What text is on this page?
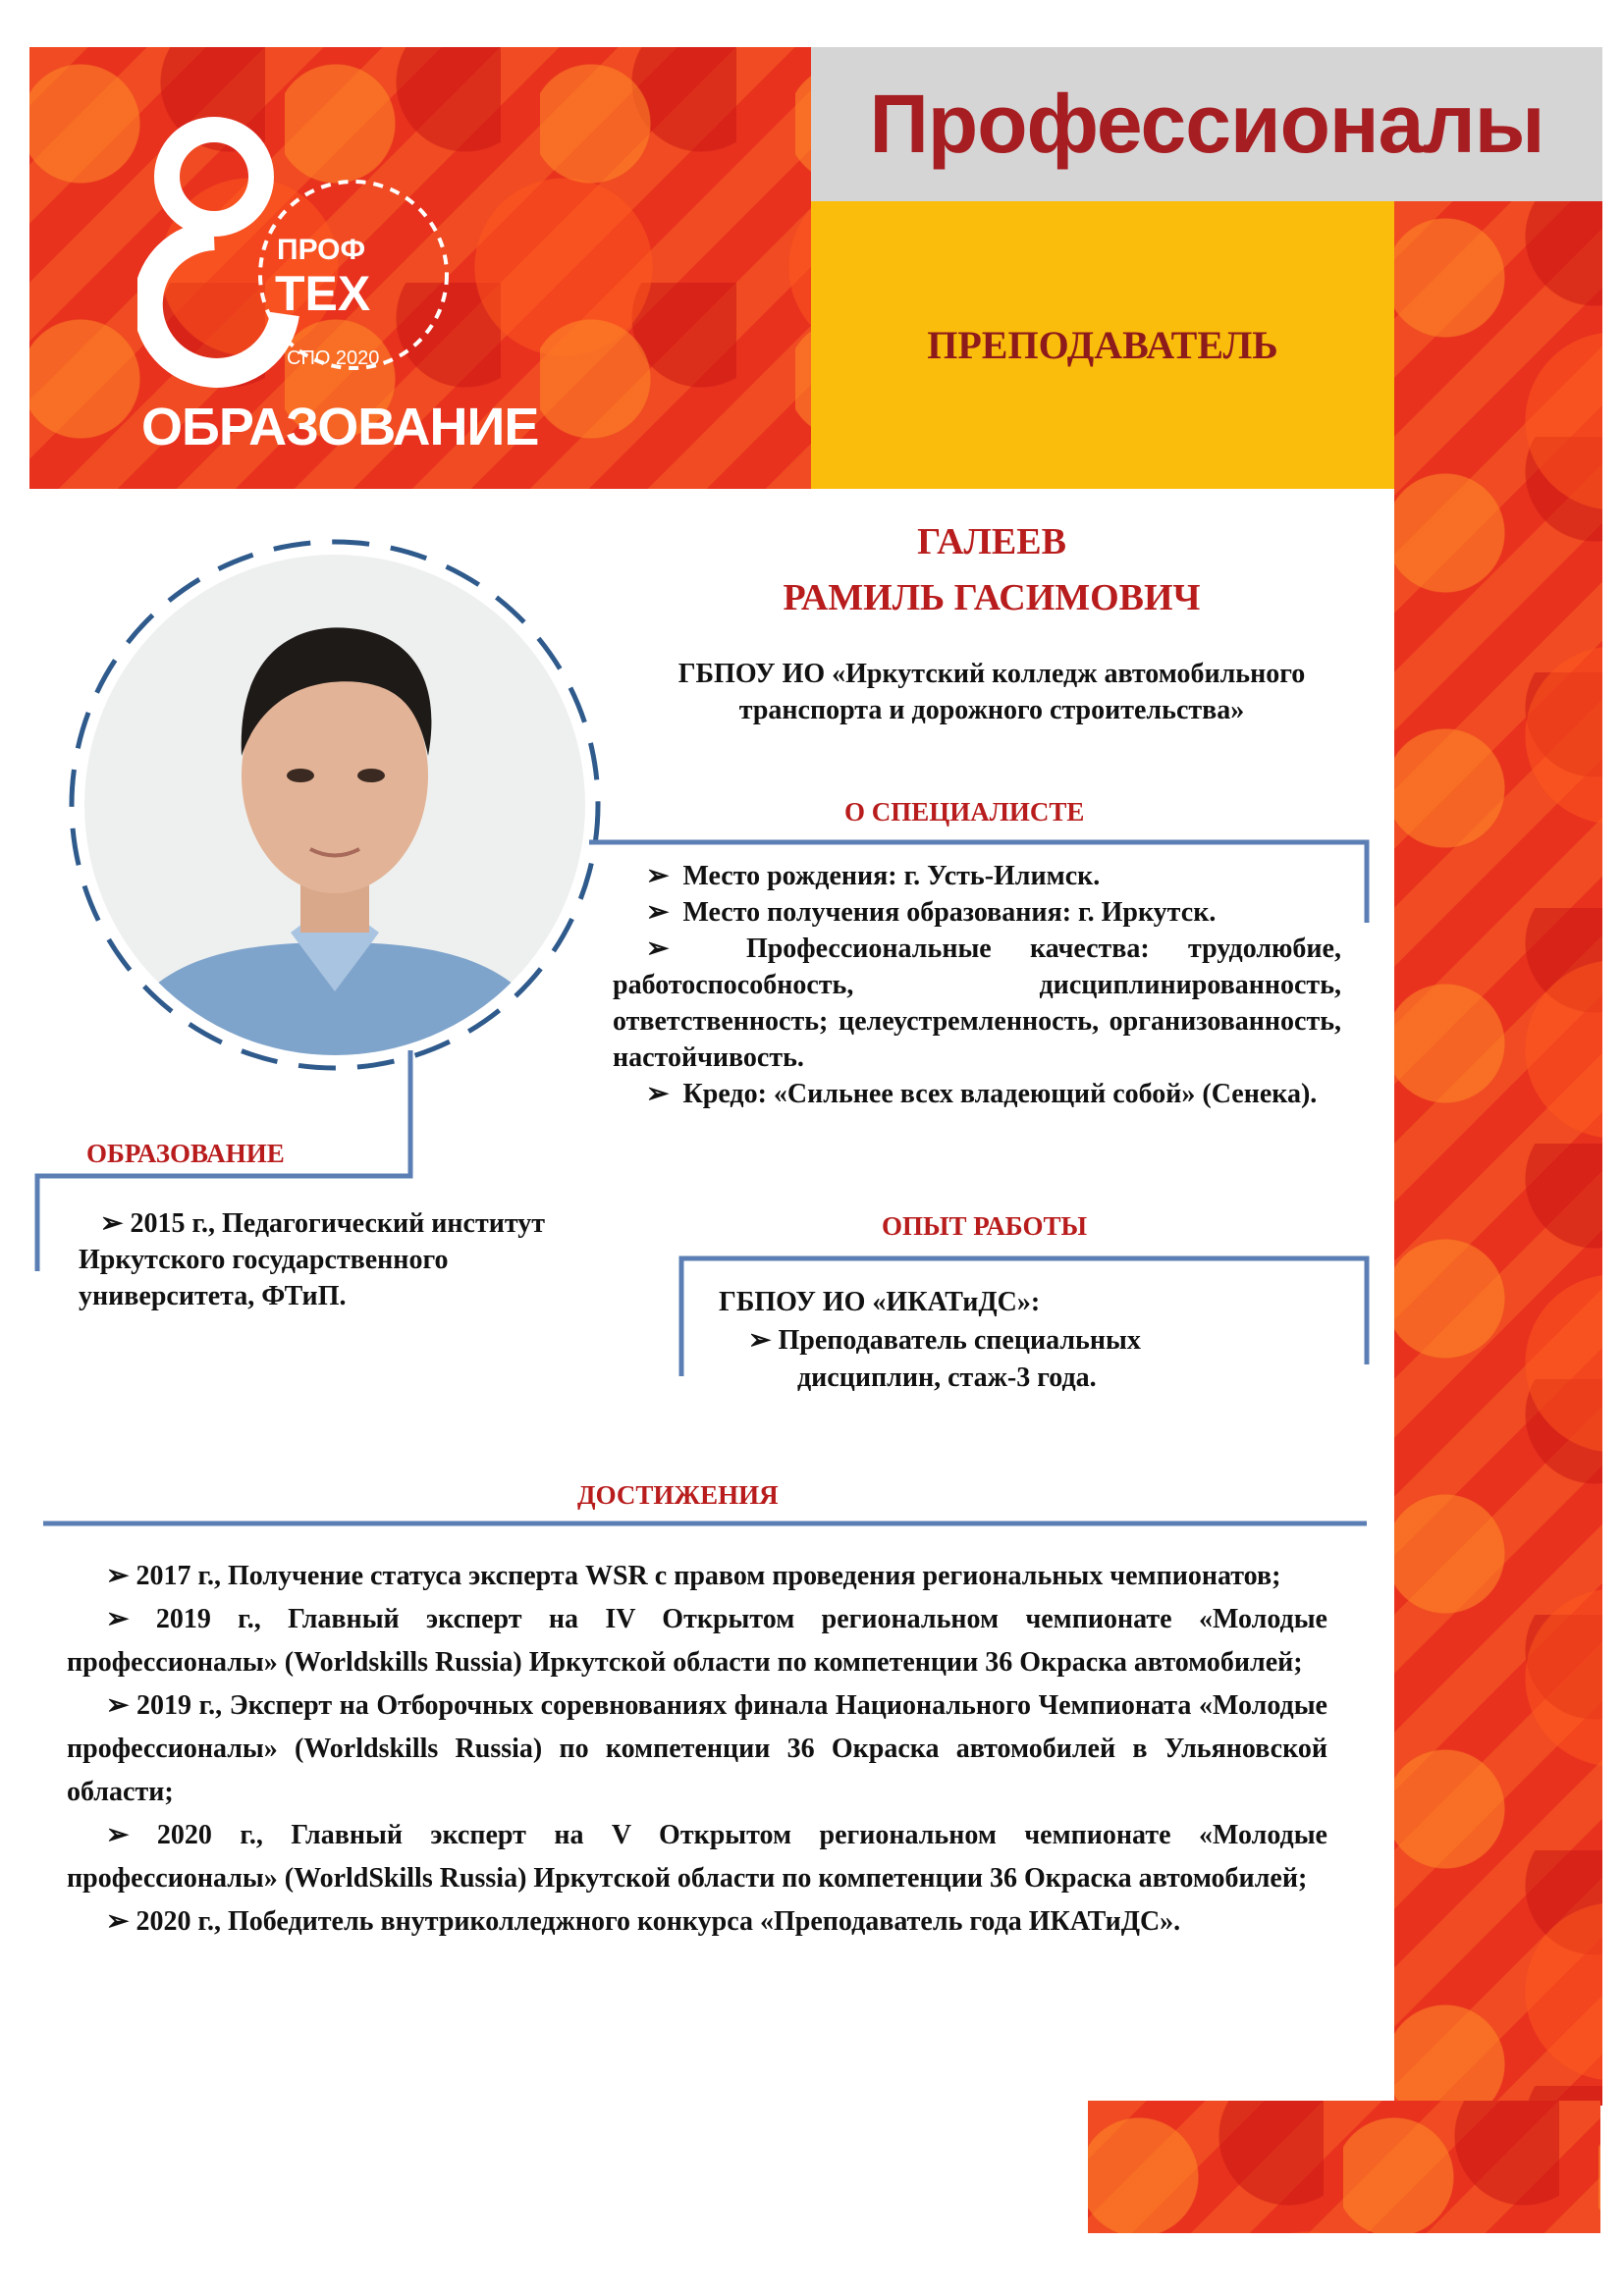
Профессионалы
ПРЕПОДАВАТЕЛЬ
ПРОФ
ТЕХ
СПО 2020
ОБРАЗОВАНИЕ
ГАЛЕЕВ
РАМИЛЬ ГАСИМОВИЧ
ГБПОУ ИО «Иркутский колледж автомобильного транспорта и дорожного строительства»
О СПЕЦИАЛИСТЕ

➢  Место рождения: г. Усть-Илимск.

➢  Место получения образования: г. Иркутск.

➢  Профессиональные качества: трудолюбие, работоспособность, дисциплинированность, ответственность; целеустремленность, организованность, настойчивость.

➢  Кредо: «Сильнее всех владеющий собой» (Сенека).

ОБРАЗОВАНИЕ
➢ 2015 г., Педагогический институт Иркутского государственного университета, ФТиП.
ОПЫТ РАБОТЫ
ГБПОУ ИО «ИКАТиДС»:
➢ Преподаватель специальных
дисциплин, стаж-3 года.
ДОСТИЖЕНИЯ

➢ 2017 г., Получение статуса эксперта WSR с правом проведения региональных чемпионатов;

➢ 2019 г., Главный эксперт на IV Открытом региональном чемпионате «Молодые профессионалы» (Worldskills Russia) Иркутской области по компетенции 36 Окраска автомобилей;

➢ 2019 г., Эксперт на Отборочных соревнованиях финала Национального Чемпионата «Молодые профессионалы» (Worldskills Russia) по компетенции 36 Окраска автомобилей в Ульяновской области;

➢ 2020 г., Главный эксперт на V Открытом региональном чемпионате «Молодые профессионалы» (WorldSkills Russia) Иркутской области по компетенции 36 Окраска автомобилей;

➢ 2020 г., Победитель внутриколледжного конкурса «Преподаватель года ИКАТиДС».
